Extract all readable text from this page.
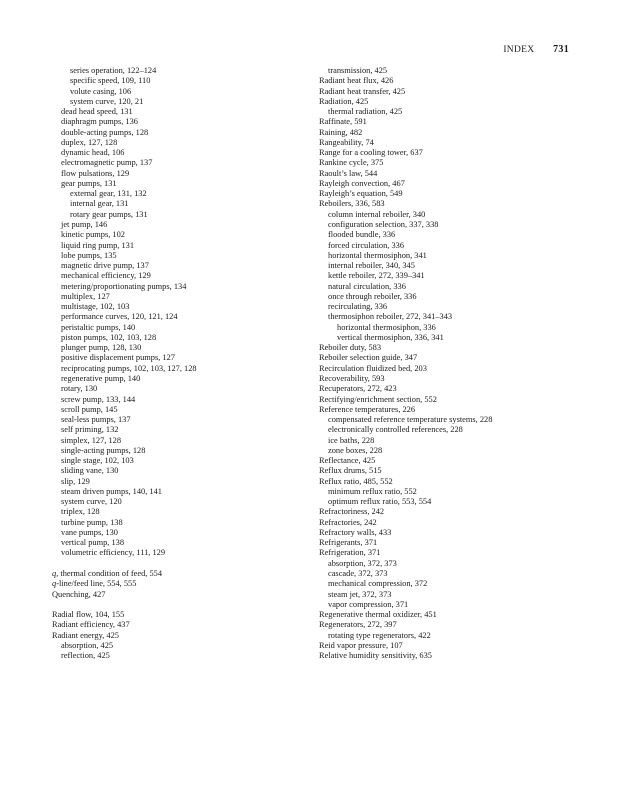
INDEX 731
series operation, 122–124
specific speed, 109, 110
volute casing, 106
system curve, 120, 21
dead head speed, 131
diaphragm pumps, 136
double-acting pumps, 128
duplex, 127, 128
dynamic head, 106
electromagnetic pump, 137
flow pulsations, 129
gear pumps, 131
external gear, 131, 132
internal gear, 131
rotary gear pumps, 131
jet pump, 146
kinetic pumps, 102
liquid ring pump, 131
lobe pumps, 135
magnetic drive pump, 137
mechanical efficiency, 129
metering/proportionating pumps, 134
multiplex, 127
multistage, 102, 103
performance curves, 120, 121, 124
peristaltic pumps, 140
piston pumps, 102, 103, 128
plunger pump, 128, 130
positive displacement pumps, 127
reciprocating pumps, 102, 103, 127, 128
regenerative pump, 140
rotary, 130
screw pump, 133, 144
scroll pump, 145
seal-less pumps, 137
self priming, 132
simplex, 127, 128
single-acting pumps, 128
single stage, 102, 103
sliding vane, 130
slip, 129
steam driven pumps, 140, 141
system curve, 120
triplex, 128
turbine pump, 138
vane pumps, 130
vertical pump, 138
volumetric efficiency, 111, 129
q, thermal condition of feed, 554
q-line/feed line, 554, 555
Quenching, 427
Radial flow, 104, 155
Radiant efficiency, 437
Radiant energy, 425
absorption, 425
reflection, 425
transmission, 425
Radiant heat flux, 426
Radiant heat transfer, 425
Radiation, 425
thermal radiation, 425
Raffinate, 591
Raining, 482
Rangeability, 74
Range for a cooling tower, 637
Rankine cycle, 375
Raoult’s law, 544
Rayleigh convection, 467
Rayleigh’s equation, 549
Reboilers, 336, 583
column internal reboiler, 340
configuration selection, 337, 338
flooded bundle, 336
forced circulation, 336
horizontal thermosiphon, 341
internal reboiler, 340, 345
kettle reboiler, 272, 339–341
natural circulation, 336
once through reboiler, 336
recirculating, 336
thermosiphon reboiler, 272, 341–343
horizontal thermosiphon, 336
vertical thermosiphon, 336, 341
Reboiler duty, 583
Reboiler selection guide, 347
Recirculation fluidized bed, 203
Recoverability, 593
Recuperators, 272, 423
Rectifying/enrichment section, 552
Reference temperatures, 226
compensated reference temperature systems, 228
electronically controlled references, 228
ice baths, 228
zone boxes, 228
Reflectance, 425
Reflux drums, 515
Reflux ratio, 485, 552
minimum reflux ratio, 552
optimum reflux ratio, 553, 554
Refractoriness, 242
Refractories, 242
Refractory walls, 433
Refrigerants, 371
Refrigeration, 371
absorption, 372, 373
cascade, 372, 373
mechanical compression, 372
steam jet, 372, 373
vapor compression, 371
Regenerative thermal oxidizer, 451
Regenerators, 272, 397
rotating type regenerators, 422
Reid vapor pressure, 107
Relative humidity sensitivity, 635
